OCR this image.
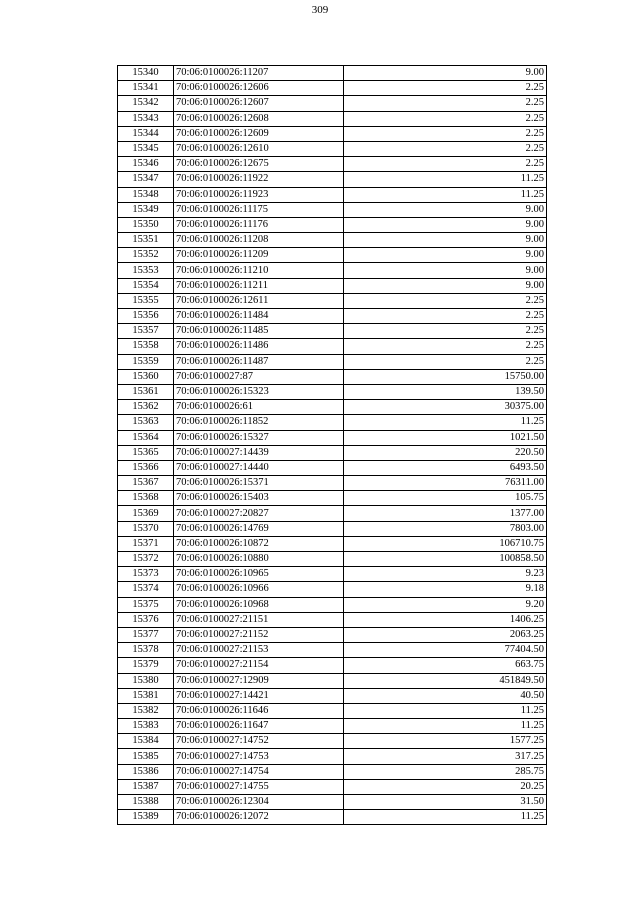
309
15340	70:06:0100026:11207	9.00
15341	70:06:0100026:12606	2.25
15342	70:06:0100026:12607	2.25
15343	70:06:0100026:12608	2.25
15344	70:06:0100026:12609	2.25
15345	70:06:0100026:12610	2.25
15346	70:06:0100026:12675	2.25
15347	70:06:0100026:11922	11.25
15348	70:06:0100026:11923	11.25
15349	70:06:0100026:11175	9.00
15350	70:06:0100026:11176	9.00
15351	70:06:0100026:11208	9.00
15352	70:06:0100026:11209	9.00
15353	70:06:0100026:11210	9.00
15354	70:06:0100026:11211	9.00
15355	70:06:0100026:12611	2.25
15356	70:06:0100026:11484	2.25
15357	70:06:0100026:11485	2.25
15358	70:06:0100026:11486	2.25
15359	70:06:0100026:11487	2.25
15360	70:06:0100027:87	15750.00
15361	70:06:0100026:15323	139.50
15362	70:06:0100026:61	30375.00
15363	70:06:0100026:11852	11.25
15364	70:06:0100026:15327	1021.50
15365	70:06:0100027:14439	220.50
15366	70:06:0100027:14440	6493.50
15367	70:06:0100026:15371	76311.00
15368	70:06:0100026:15403	105.75
15369	70:06:0100027:20827	1377.00
15370	70:06:0100026:14769	7803.00
15371	70:06:0100026:10872	106710.75
15372	70:06:0100026:10880	100858.50
15373	70:06:0100026:10965	9.23
15374	70:06:0100026:10966	9.18
15375	70:06:0100026:10968	9.20
15376	70:06:0100027:21151	1406.25
15377	70:06:0100027:21152	2063.25
15378	70:06:0100027:21153	77404.50
15379	70:06:0100027:21154	663.75
15380	70:06:0100027:12909	451849.50
15381	70:06:0100027:14421	40.50
15382	70:06:0100026:11646	11.25
15383	70:06:0100026:11647	11.25
15384	70:06:0100027:14752	1577.25
15385	70:06:0100027:14753	317.25
15386	70:06:0100027:14754	285.75
15387	70:06:0100027:14755	20.25
15388	70:06:0100026:12304	31.50
15389	70:06:0100026:12072	11.25
